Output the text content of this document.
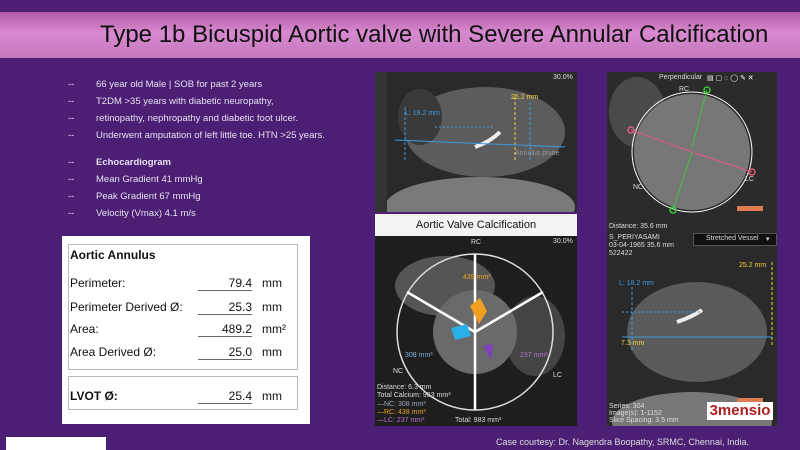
Type 1b Bicuspid Aortic valve with Severe Annular Calcification
--	66 year old Male | SOB for past 2 years
--	T2DM >35 years with diabetic neuropathy,
--	retinopathy, nephropathy and diabetic foot ulcer.
--	Underwent amputation of left little toe. HTN >25 years.
--	Echocardiogram
--	Mean Gradient 41 mmHg
--	Peak Gradient 67 mmHg
--	Velocity (Vmax) 4.1 m/s
Aortic Annulus
Perimeter:	79.4 mm
Perimeter Derived Ø:	25.3 mm
Area:	489.2 mm²
Area Derived Ø:	25.0 mm
LVOT Ø:	25.4 mm
30.0%
25.2 mm
L: 18.2 mm
Annulus plane
Aortic Valve Calcification
30.0%
RC
NC
LC
439 mm³
308 mm³	237 mm³
Distance: 6.3 mm
Total Calcium: 983 mm³
—NC: 308 mm³
—RC: 438 mm³
—LC: 237 mm³	Total: 983 mm³
Perpendicular ▤ ▢ ◌ ◯ ✎ ✕
RC
NC
LC
Distance: 35.6 mm
S_PERIYASAMI
03-04-1965 35.6 mm
522422
Stretched Vessel ▾
25.2 mm
L: 18.2 mm
7.3 mm
Series: 304
Image(s): 1-1152
Slice Spacing: 3.5 mm
3mensio
Case courtesy: Dr. Nagendra Boopathy, SRMC, Chennai, India.
